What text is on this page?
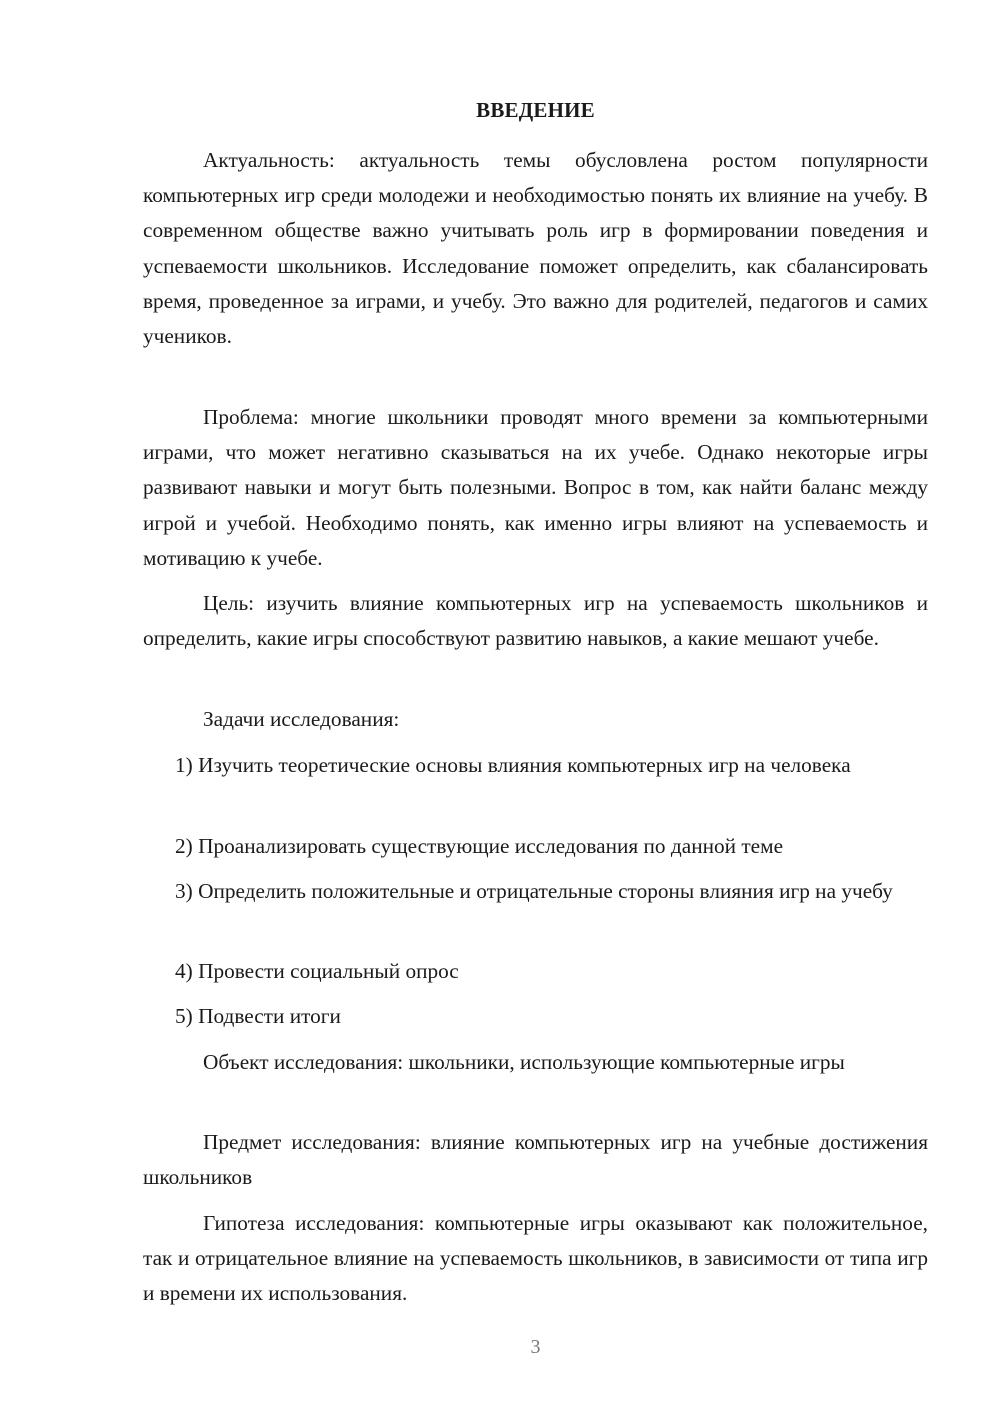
ВВЕДЕНИЕ

Актуальность: актуальность темы обусловлена ростом популярности компьютерных игр среди молодежи и необходимостью понять их влияние на учебу. В современном обществе важно учитывать роль игр в формировании поведения и успеваемости школьников. Исследование поможет определить, как сбалансировать время, проведенное за играми, и учебу. Это важно для родителей, педагогов и самих учеников.

Проблема: многие школьники проводят много времени за компьютерными играми, что может негативно сказываться на их учебе. Однако некоторые игры развивают навыки и могут быть полезными. Вопрос в том, как найти баланс между игрой и учебой. Необходимо понять, как именно игры влияют на успеваемость и мотивацию к учебе.

Цель: изучить влияние компьютерных игр на успеваемость школьников и определить, какие игры способствуют развитию навыков, а какие мешают учебе.

Задачи исследования:

1) Изучить теоретические основы влияния компьютерных игр на человека

2) Проанализировать существующие исследования по данной теме

3) Определить положительные и отрицательные стороны влияния игр на учебу

4) Провести социальный опрос

5) Подвести итоги

Объект исследования: школьники, использующие компьютерные игры

Предмет исследования: влияние компьютерных игр на учебные достижения школьников

Гипотеза исследования: компьютерные игры оказывают как положительное, так и отрицательное влияние на успеваемость школьников, в зависимости от типа игр и времени их использования.

3
